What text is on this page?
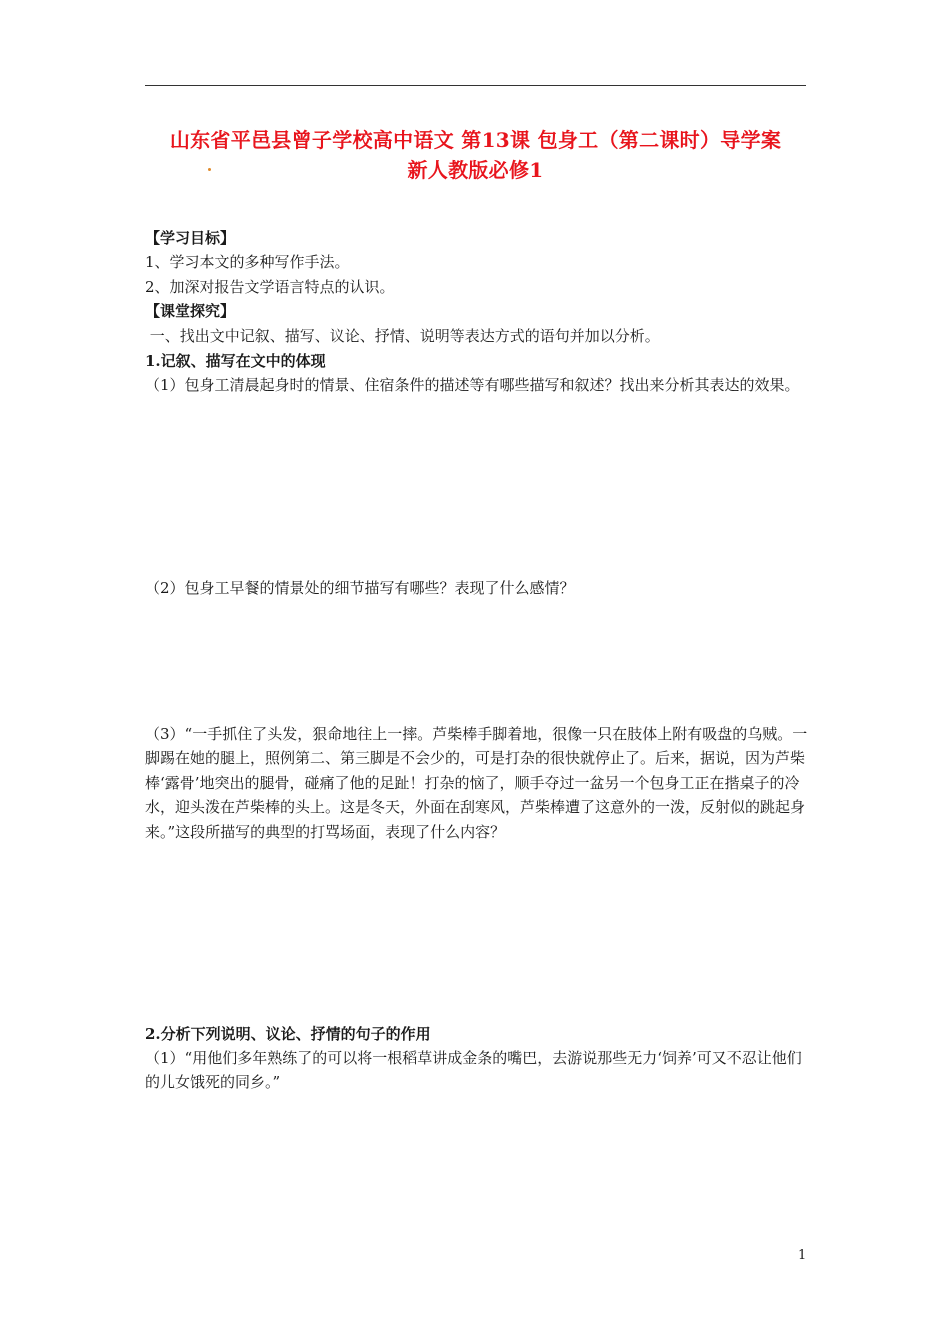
山东省平邑县曾子学校高中语文 第13课 包身工（第二课时）导学案
新人教版必修1
【学习目标】
1、学习本文的多种写作手法。
2、加深对报告文学语言特点的认识。
【课堂探究】
一、找出文中记叙、描写、议论、抒情、说明等表达方式的语句并加以分析。
1.记叙、描写在文中的体现
（1）包身工清晨起身时的情景、住宿条件的描述等有哪些描写和叙述？找出来分析其表达的效果。
（2）包身工早餐的情景处的细节描写有哪些？表现了什么感情？
（3）“一手抓住了头发，狠命地往上一摔。芦柴棒手脚着地，很像一只在肢体上附有吸盘的乌贼。一脚踢在她的腿上，照例第二、第三脚是不会少的，可是打杂的很快就停止了。后来，据说，因为芦柴棒‘露骨’地突出的腿骨，碰痛了他的足趾！打杂的恼了，顺手夺过一盆另一个包身工正在揩桌子的冷水，迎头泼在芦柴棒的头上。这是冬天，外面在刮寒风，芦柴棒遭了这意外的一泼，反射似的跳起身来。”这段所描写的典型的打骂场面，表现了什么内容？
2.分析下列说明、议论、抒情的句子的作用
（1）“用他们多年熟练了的可以将一根稻草讲成金条的嘴巴，去游说那些无力‘饲养’可又不忍让他们的儿女饿死的同乡。”
1
